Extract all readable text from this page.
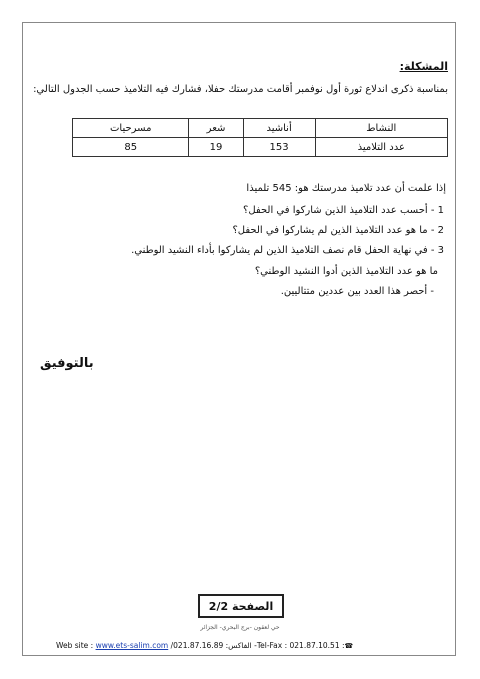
المشكلة:
بمناسبة ذكرى اندلاع ثورة أول نوفمبر أقامت مدرستك حفلا، فشارك فيه التلاميذ حسب الجدول التالي:
النشاط	أناشيد	شعر	مسرحيات
عدد التلاميذ	153	19	85
إذا علمت أن عدد تلاميذ مدرستك هو: 545 تلميذا
1 - أحسب عدد التلاميذ الذين شاركوا في الحفل؟
2 - ما هو عدد التلاميذ الذين لم يشاركوا في الحفل؟
3 - في نهاية الحفل قام نصف التلاميذ الذين لم يشاركوا بأداء النشيد الوطني.
ما هو عدد التلاميذ الذين أدوا النشيد الوطني؟
- أحصر هذا العدد بين عددين متتاليين.
بالتوفيق
الصفحة 2/2
حي لعقون -برج البحري- الجزائر
Web site : www.ets-salim.com /021.87.16.89 :الفاكس -Tel-Fax : 021.87.10.51 :☎
